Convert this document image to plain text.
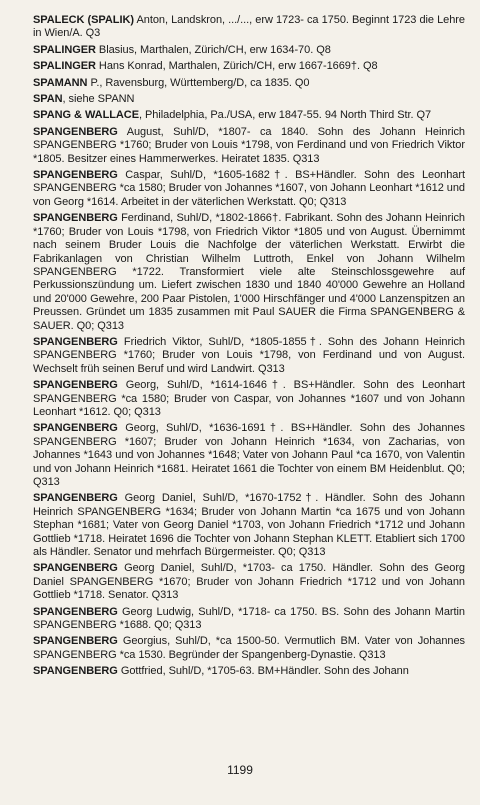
SPALECK (SPALIK) Anton, Landskron, .../..., erw 1723- ca 1750. Beginnt 1723 die Lehre in Wien/A. Q3

SPALINGER Blasius, Marthalen, Zürich/CH, erw 1634-70. Q8

SPALINGER Hans Konrad, Marthalen, Zürich/CH, erw 1667-1669†. Q8

SPAMANN P., Ravensburg, Württemberg/D, ca 1835. Q0

SPAN, siehe SPANN

SPANG & WALLACE, Philadelphia, Pa./USA, erw 1847-55. 94 North Third Str. Q7

SPANGENBERG August, Suhl/D, *1807- ca 1840. Sohn des Johann Heinrich SPANGENBERG *1760; Bruder von Louis *1798, von Ferdinand und von Friedrich Viktor *1805. Besitzer eines Hammerwerkes. Heiratet 1835. Q313

SPANGENBERG Caspar, Suhl/D, *1605-1682†. BS+Händler. Sohn des Leonhart SPANGENBERG *ca 1580; Bruder von Johannes *1607, von Johann Leonhart *1612 und von Georg *1614. Arbeitet in der väterlichen Werkstatt. Q0; Q313

SPANGENBERG Ferdinand, Suhl/D, *1802-1866†. Fabrikant. Sohn des Johann Heinrich *1760; Bruder von Louis *1798, von Friedrich Viktor *1805 und von August. Übernimmt nach seinem Bruder Louis die Nachfolge der väterlichen Werkstatt. Erwirbt die Fabrikanlagen von Christian Wilhelm Luttroth, Enkel von Johann Wilhelm SPANGENBERG *1722. Transformiert viele alte Steinschlossgewehre auf Perkussionszündung um. Liefert zwischen 1830 und 1840 40'000 Gewehre an Holland und 20'000 Gewehre, 200 Paar Pistolen, 1'000 Hirschfänger und 4'000 Lanzenspitzen an Preussen. Gründet um 1835 zusammen mit Paul SAUER die Firma SPANGENBERG & SAUER. Q0; Q313

SPANGENBERG Friedrich Viktor, Suhl/D, *1805-1855†. Sohn des Johann Heinrich SPANGENBERG *1760; Bruder von Louis *1798, von Ferdinand und von August. Wechselt früh seinen Beruf und wird Landwirt. Q313

SPANGENBERG Georg, Suhl/D, *1614-1646†. BS+Händler. Sohn des Leonhart SPANGENBERG *ca 1580; Bruder von Caspar, von Johannes *1607 und von Johann Leonhart *1612. Q0; Q313

SPANGENBERG Georg, Suhl/D, *1636-1691†. BS+Händler. Sohn des Johannes SPANGENBERG *1607; Bruder von Johann Heinrich *1634, von Zacharias, von Johannes *1643 und von Johannes *1648; Vater von Johann Paul *ca 1670, von Valentin und von Johann Heinrich *1681. Heiratet 1661 die Tochter von einem BM Heidenblut. Q0; Q313

SPANGENBERG Georg Daniel, Suhl/D, *1670-1752†. Händler. Sohn des Johann Heinrich SPANGENBERG *1634; Bruder von Johann Martin *ca 1675 und von Johann Stephan *1681; Vater von Georg Daniel *1703, von Johann Friedrich *1712 und Johann Gottlieb *1718. Heiratet 1696 die Tochter von Johann Stephan KLETT. Etabliert sich 1700 als Händler. Senator und mehrfach Bürgermeister. Q0; Q313

SPANGENBERG Georg Daniel, Suhl/D, *1703- ca 1750. Händler. Sohn des Georg Daniel SPANGENBERG *1670; Bruder von Johann Friedrich *1712 und von Johann Gottlieb *1718. Senator. Q313

SPANGENBERG Georg Ludwig, Suhl/D, *1718- ca 1750. BS. Sohn des Johann Martin SPANGENBERG *1688. Q0; Q313

SPANGENBERG Georgius, Suhl/D, *ca 1500-50. Vermutlich BM. Vater von Johannes SPANGENBERG *ca 1530. Begründer der Spangenberg-Dynastie. Q313

SPANGENBERG Gottfried, Suhl/D, *1705-63. BM+Händler. Sohn des Johann

1199
